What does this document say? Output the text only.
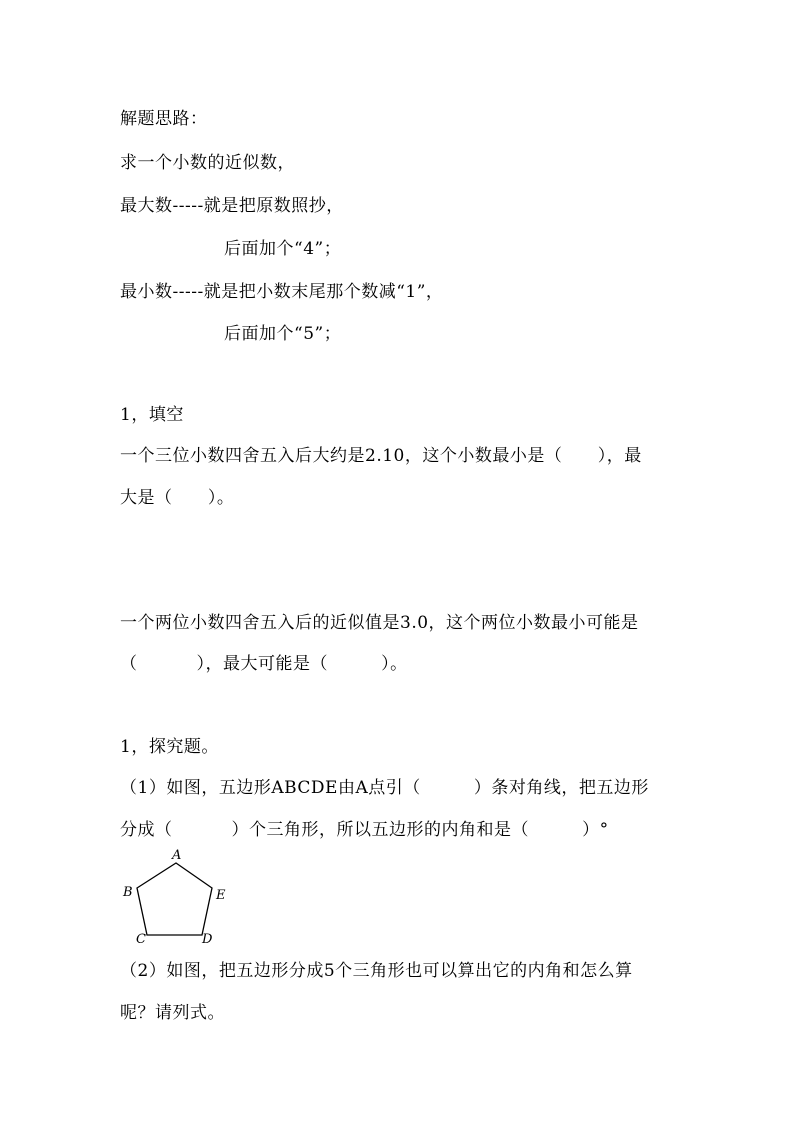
解题思路：
求一个小数的近似数，
最大数-----就是把原数照抄，
后面加个“4”；
最小数-----就是把小数末尾那个数减“1”，
后面加个“5”；
1，填空
一个三位小数四舍五入后大约是2.10，这个小数最小是（      ），最
大是（      ）。
一个两位小数四舍五入后的近似值是3.0，这个两位小数最小可能是
（          ），最大可能是（         ）。
1，探究题。
（1）如图，五边形ABCDE由A点引（         ）条对角线，把五边形
分成（          ）个三角形，所以五边形的内角和是（         ）°
A
B	E
C	D
（2）如图，把五边形分成5个三角形也可以算出它的内角和怎么算
呢？请列式。
